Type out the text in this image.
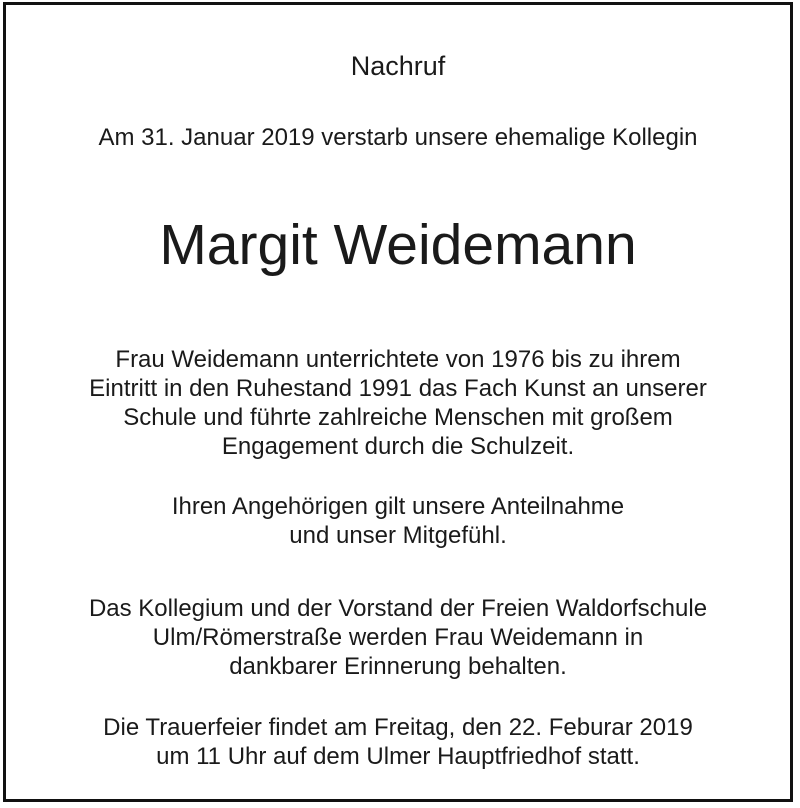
Nachruf
Am 31. Januar 2019 verstarb unsere ehemalige Kollegin
Margit Weidemann
Frau Weidemann unterrichtete von 1976 bis zu ihrem
Eintritt in den Ruhestand 1991 das Fach Kunst an unserer
Schule und führte zahlreiche Menschen mit großem
Engagement durch die Schulzeit.
Ihren Angehörigen gilt unsere Anteilnahme
und unser Mitgefühl.
Das Kollegium und der Vorstand der Freien Waldorfschule
Ulm/Römerstraße werden Frau Weidemann in
dankbarer Erinnerung behalten.
Die Trauerfeier findet am Freitag, den 22. Feburar 2019
um 11 Uhr auf dem Ulmer Hauptfriedhof statt.
